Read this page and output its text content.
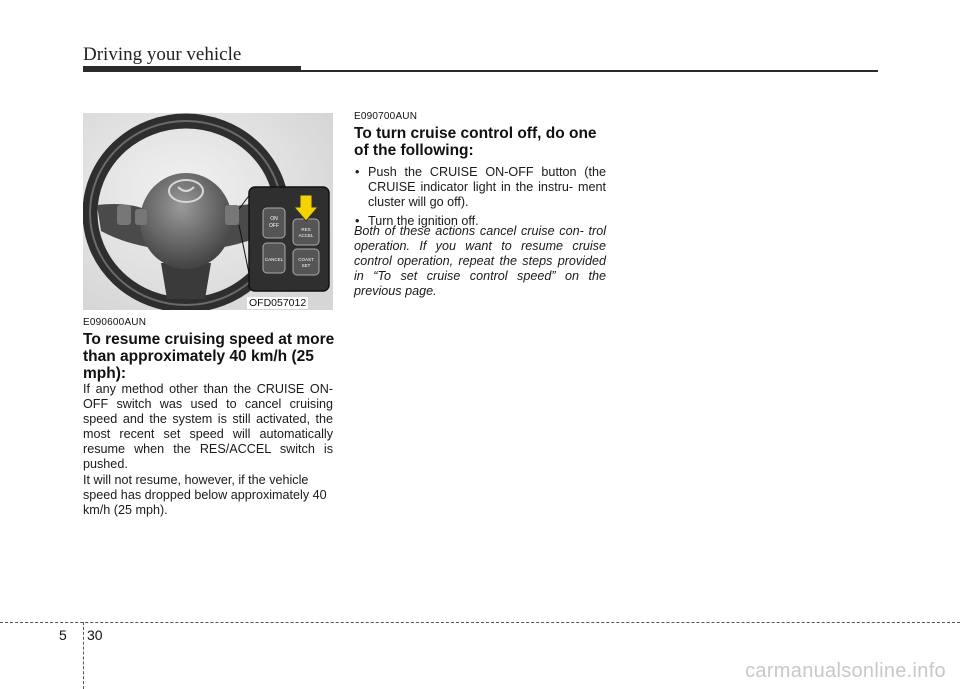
Driving your vehicle
ON
OFF
CANCEL
RES
ACCEL
COAST
SET
OFD057012
E090600AUN
To resume cruising speed at more than approximately 40 km/h (25 mph):
If any method other than the CRUISE ON-OFF switch was used to cancel cruising speed and the system is still activated, the most recent set speed will automatically resume when the RES/ACCEL switch is pushed.
It will not resume, however, if the vehicle speed has dropped below approximately 40 km/h (25 mph).
E090700AUN
To turn cruise control off, do one of the following:
• Push the CRUISE ON-OFF button (the CRUISE indicator light in the instru- ment cluster will go off).
• Turn the ignition off.
Both of these actions cancel cruise con- trol operation. If you want to resume cruise control operation, repeat the steps provided in “To set cruise control speed” on the previous page.
5 30
carmanualsonline.info
